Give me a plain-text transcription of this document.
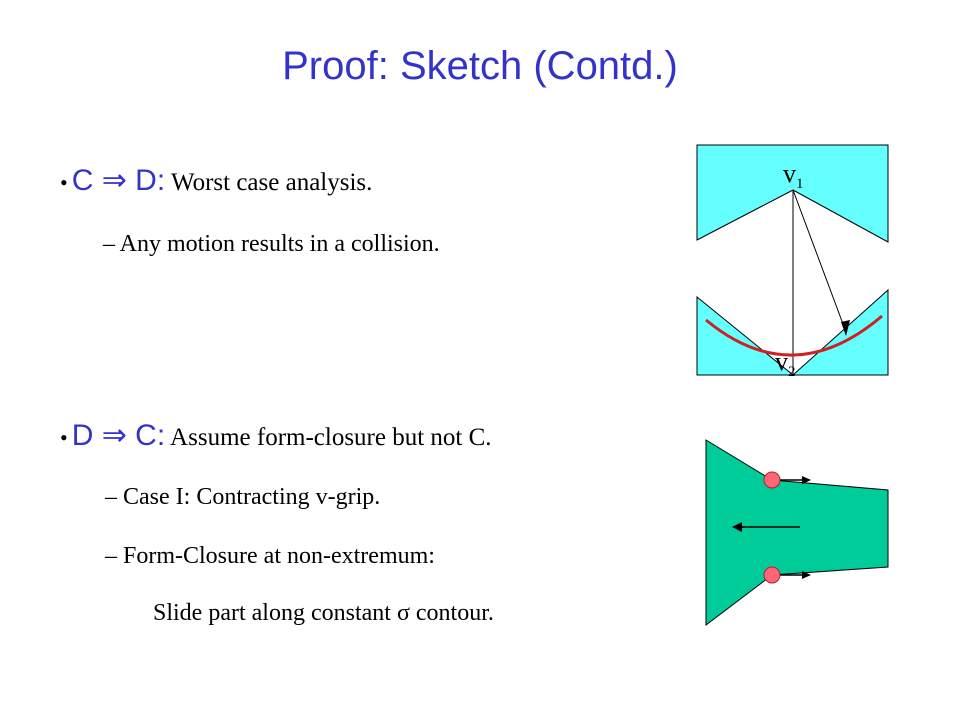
Proof: Sketch (Contd.)
• C ⇒ D: Worst case analysis.
– Any motion results in a collision.
• D ⇒ C: Assume form-closure but not C.
– Case I: Contracting v-grip.
– Form-Closure at non-extremum:
Slide part along constant σ contour.
$v_1$
$v_2$
